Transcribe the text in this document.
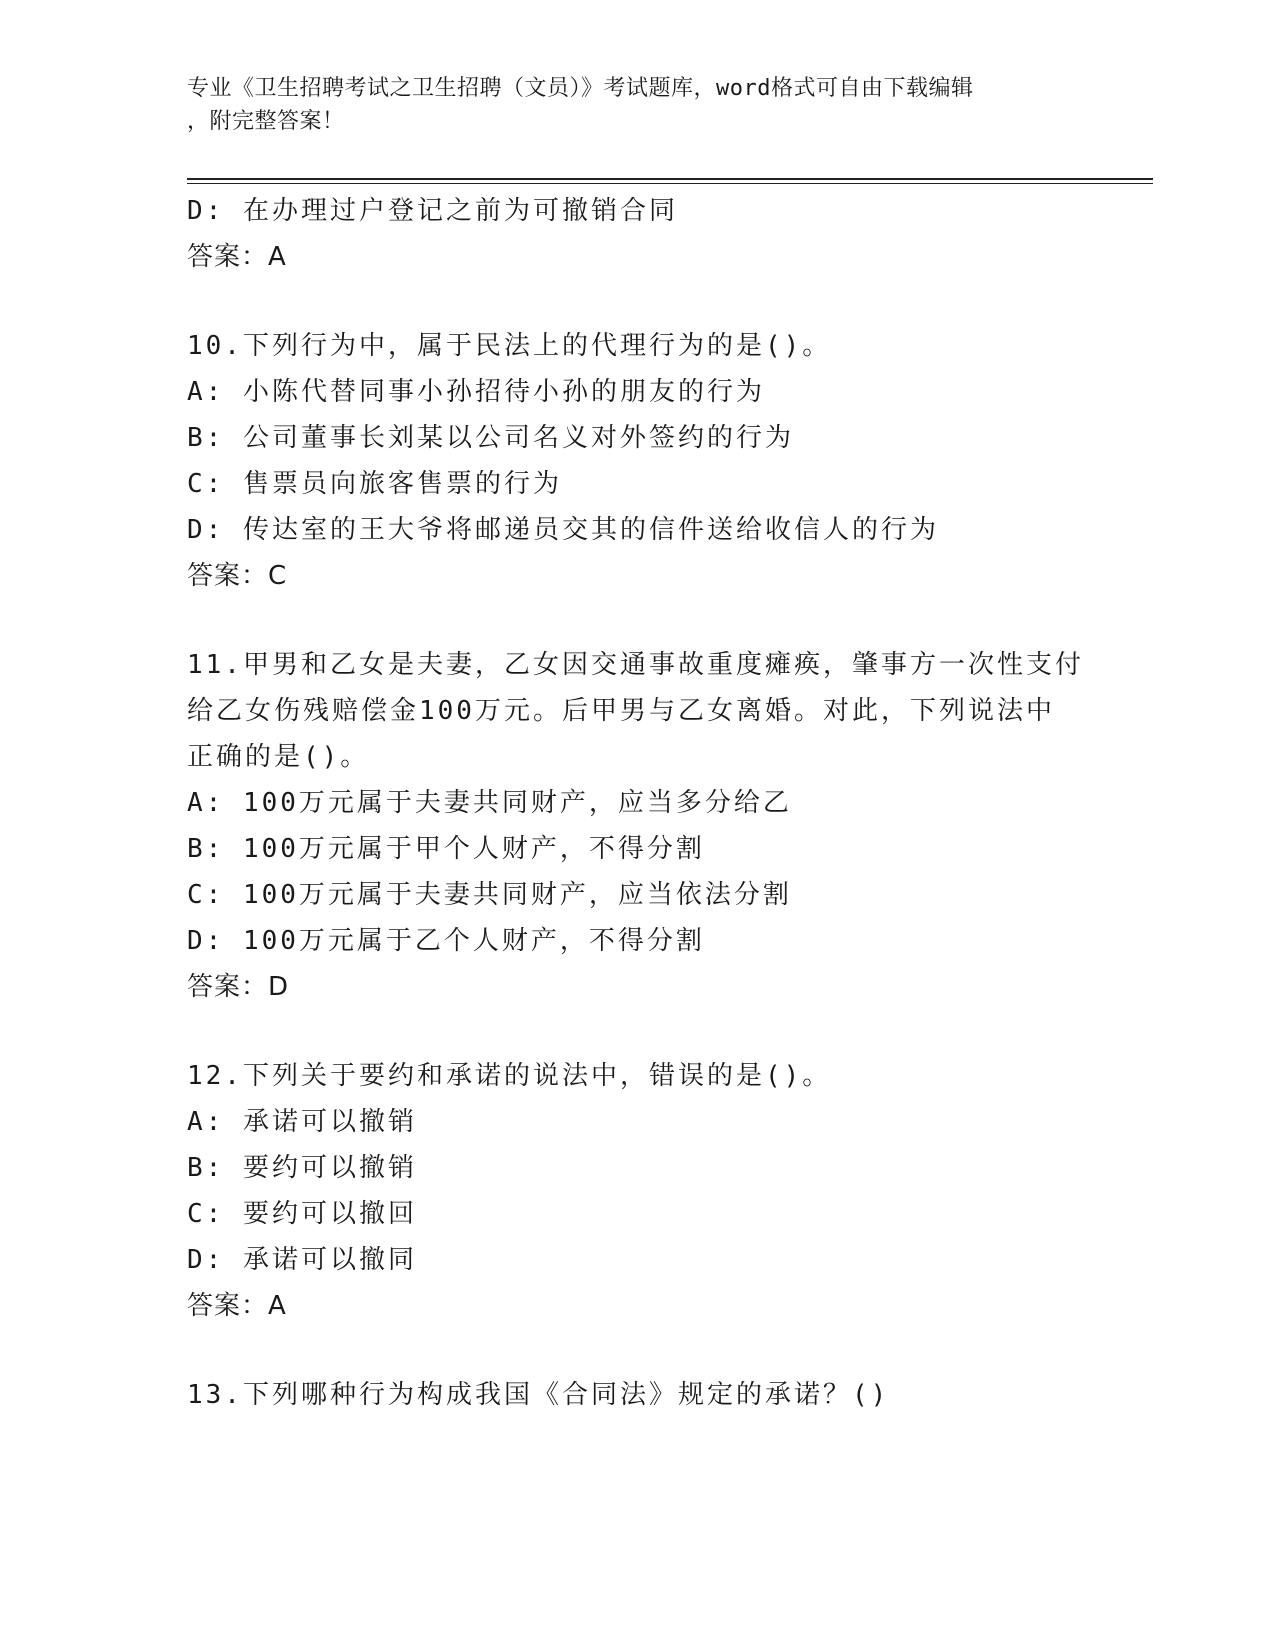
专业《卫生招聘考试之卫生招聘（文员）》考试题库，word格式可自由下载编辑
，附完整答案！
D: 在办理过户登记之前为可撤销合同
答案：A
10.下列行为中，属于民法上的代理行为的是()。
A: 小陈代替同事小孙招待小孙的朋友的行为
B: 公司董事长刘某以公司名义对外签约的行为
C: 售票员向旅客售票的行为
D: 传达室的王大爷将邮递员交其的信件送给收信人的行为
答案：C
11.甲男和乙女是夫妻，乙女因交通事故重度瘫痪，肇事方一次性支付
给乙女伤残赔偿金100万元。后甲男与乙女离婚。对此，下列说法中
正确的是()。
A: 100万元属于夫妻共同财产，应当多分给乙
B: 100万元属于甲个人财产，不得分割
C: 100万元属于夫妻共同财产，应当依法分割
D: 100万元属于乙个人财产，不得分割
答案：D
12.下列关于要约和承诺的说法中，错误的是()。
A: 承诺可以撤销
B: 要约可以撤销
C: 要约可以撤回
D: 承诺可以撤同
答案：A
13.下列哪种行为构成我国《合同法》规定的承诺？()
